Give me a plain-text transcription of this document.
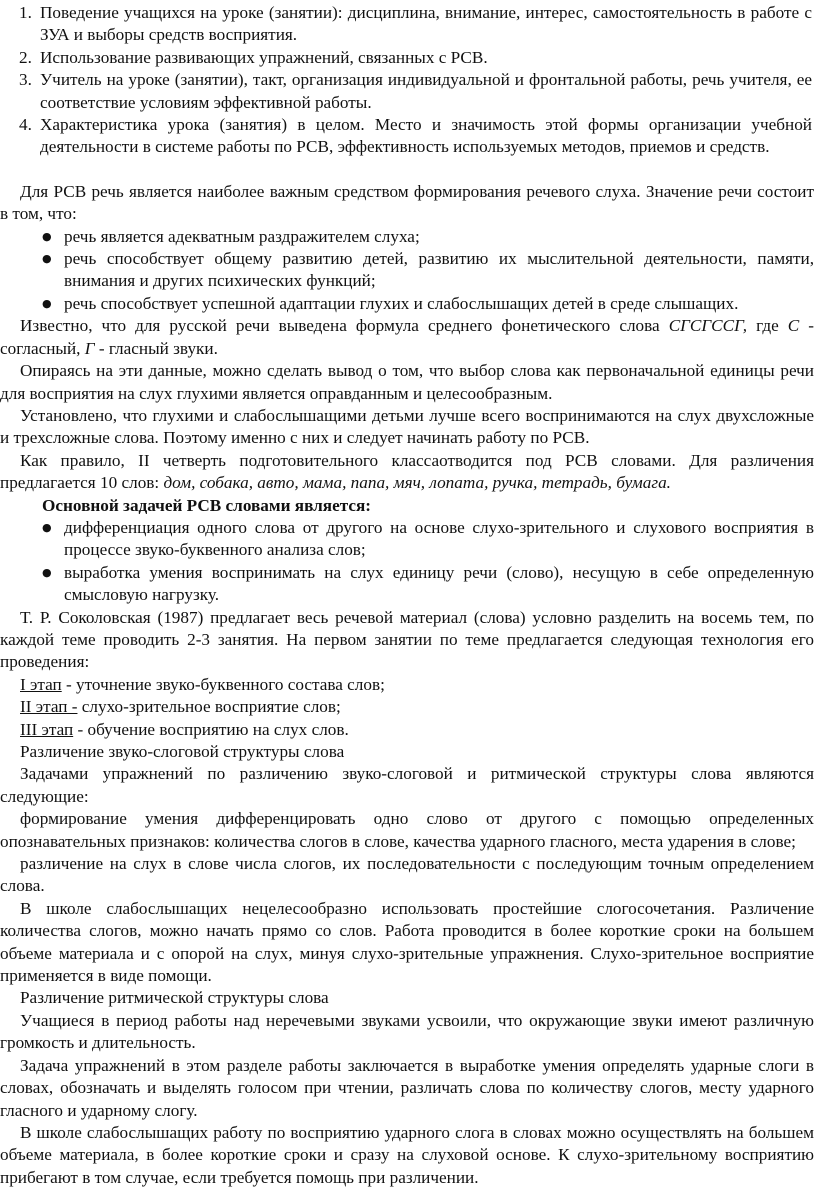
1. Поведение учащихся на уроке (занятии): дисциплина, внимание, интерес, самостоятельность в работе с ЗУА и выборы средств восприятия.

2. Использование развивающих упражнений, связанных с РСВ.

3. Учитель на уроке (занятии), такт, организация индивидуальной и фронтальной работы, речь учителя, ее соответствие условиям эффективной работы.

4. Характеристика урока (занятия) в целом. Место и значимость этой формы организации учебной деятельности в системе работы по РСВ, эффективность используемых методов, приемов и средств.

Для РСВ речь является наиболее важным средством формирования речевого слуха. Значение речи состоит в том, что:

● речь является адекватным раздражителем слуха;

● речь способствует общему развитию детей, развитию их мыслительной деятельности, памяти, внимания и других психических функций;

● речь способствует успешной адаптации глухих и слабослышащих детей в среде слышащих.

Известно, что для русской речи выведена формула среднего фонетического слова СГСГССГ, где С - согласный, Г - гласный звуки.

Опираясь на эти данные, можно сделать вывод о том, что выбор слова как первоначальной единицы речи для восприятия на слух глухими является оправданным и целесообразным.

Установлено, что глухими и слабослышащими детьми лучше всего воспринимаются на слух двухсложные и трехсложные слова. Поэтому именно с них и следует начинать работу по РСВ.

Как правило, II четверть подготовительного классаотводится под РСВ словами. Для различения предлагается 10 слов: дом, собака, авто, мама, папа, мяч, лопата, ручка, тетрадь, бумага.

Основной задачей РСВ словами является:

● дифференциация одного слова от другого на основе слухо-зрительного и слухового восприятия в процессе звуко-буквенного анализа слов;

● выработка умения воспринимать на слух единицу речи (слово), несущую в себе определенную смысловую нагрузку.

Т. Р. Соколовская (1987) предлагает весь речевой материал (слова) условно разделить на восемь тем, по каждой теме проводить 2-3 занятия. На первом занятии по теме предлагается следующая технология его проведения:

I этап - уточнение звуко-буквенного состава слов;

II этап - слухо-зрительное восприятие слов;

III этап - обучение восприятию на слух слов.

Различение звуко-слоговой структуры слова

Задачами упражнений по различению звуко-слоговой и ритмической структуры слова являются следующие:

формирование умения дифференцировать одно слово от другого с помощью определенных опознавательных признаков: количества слогов в слове, качества ударного гласного, места ударения в слове;

различение на слух в слове числа слогов, их последовательности с последующим точным определением слова.

В школе слабослышащих нецелесообразно использовать простейшие слогосочетания. Различение количества слогов, можно начать прямо со слов. Работа проводится в более короткие сроки на большем объеме материала и с опорой на слух, минуя слухо-зрительные упражнения. Слухо-зрительное восприятие применяется в виде помощи.

Различение ритмической структуры слова

Учащиеся в период работы над неречевыми звуками усвоили, что окружающие звуки имеют различную громкость и длительность.

Задача упражнений в этом разделе работы заключается в выработке умения определять ударные слоги в словах, обозначать и выделять голосом при чтении, различать слова по количеству слогов, месту ударного гласного и ударному слогу.

В школе слабослышащих работу по восприятию ударного слога в словах можно осуществлять на большем объеме материала, в более короткие сроки и сразу на слуховой основе. К слухо-зрительному восприятию прибегают в том случае, если требуется помощь при различении.
